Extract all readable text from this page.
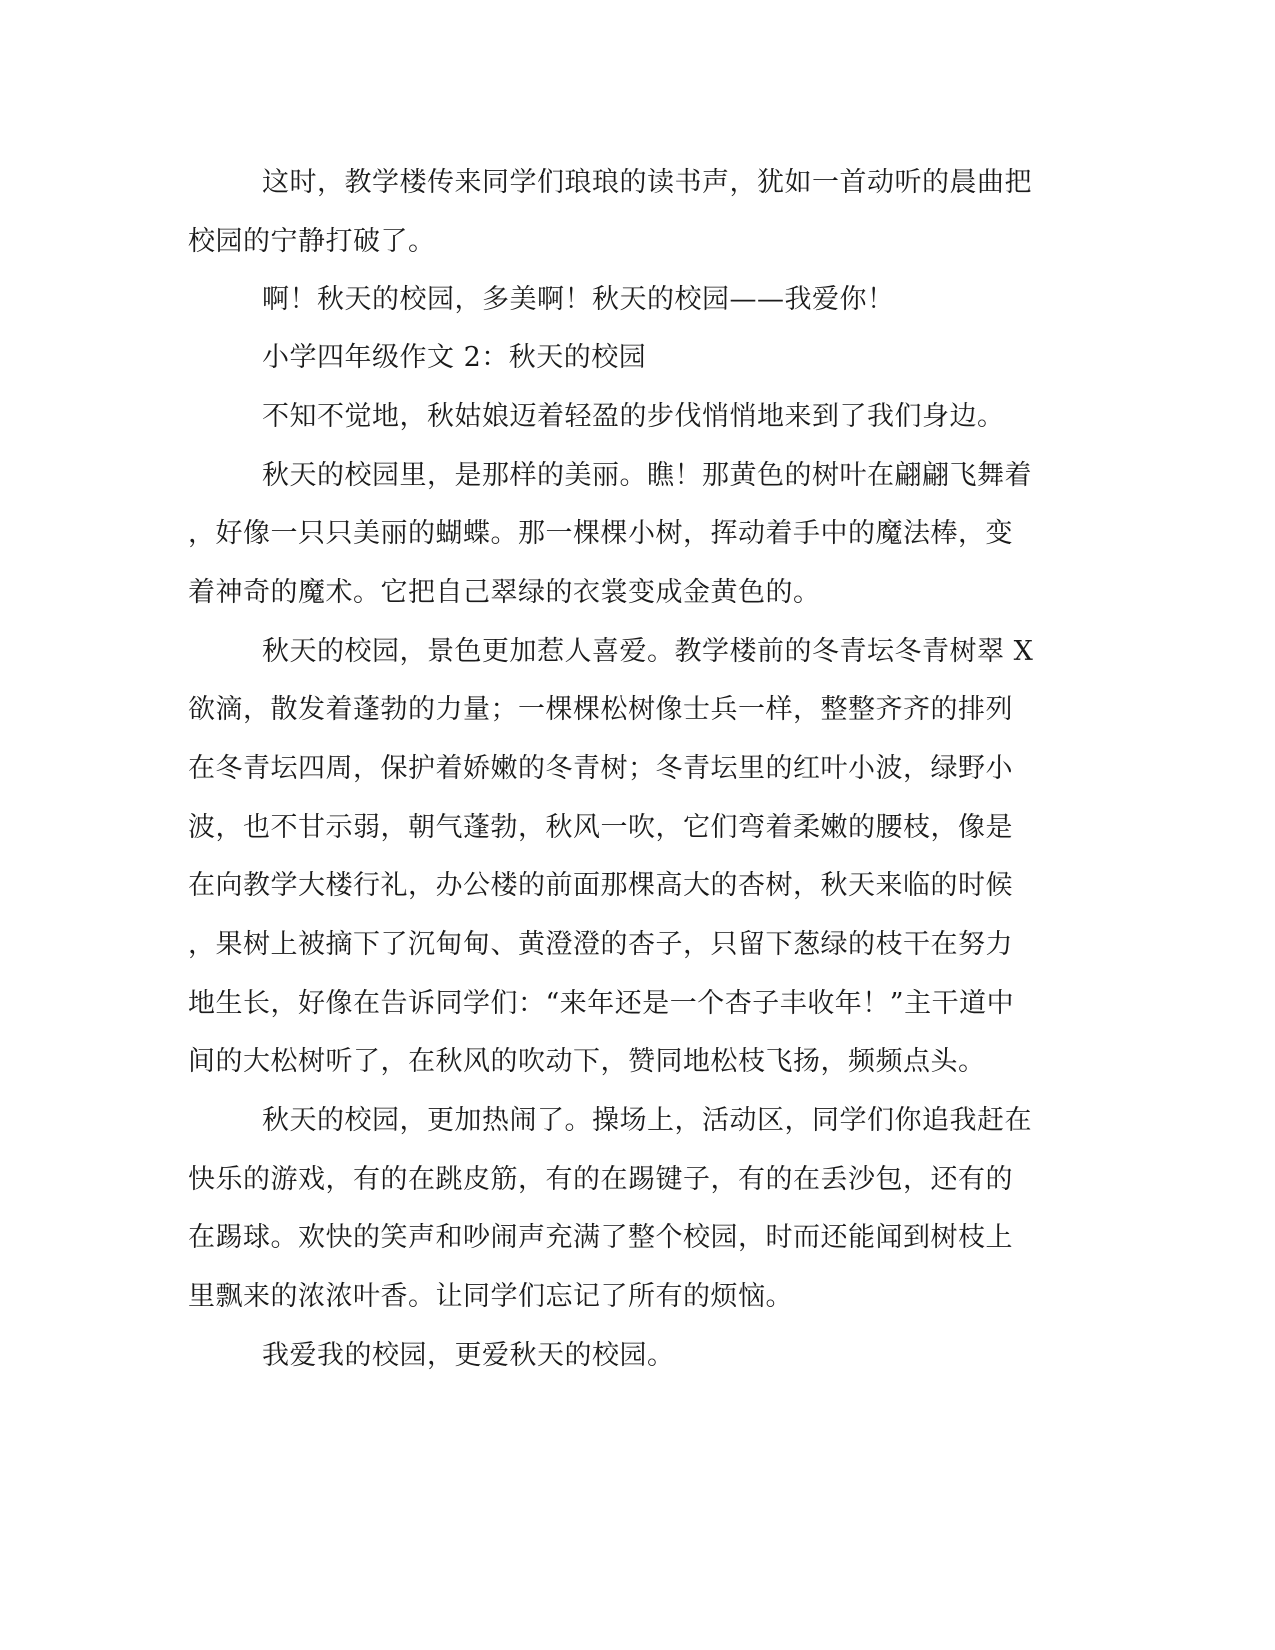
这时，教学楼传来同学们琅琅的读书声，犹如一首动听的晨曲把

校园的宁静打破了。

啊！秋天的校园，多美啊！秋天的校园——我爱你！

小学四年级作文 2：秋天的校园

不知不觉地，秋姑娘迈着轻盈的步伐悄悄地来到了我们身边。

秋天的校园里，是那样的美丽。瞧！那黄色的树叶在翩翩飞舞着

，好像一只只美丽的蝴蝶。那一棵棵小树，挥动着手中的魔法棒，变

着神奇的魔术。它把自己翠绿的衣裳变成金黄色的。

秋天的校园，景色更加惹人喜爱。教学楼前的冬青坛冬青树翠 X

欲滴，散发着蓬勃的力量；一棵棵松树像士兵一样，整整齐齐的排列

在冬青坛四周，保护着娇嫩的冬青树；冬青坛里的红叶小波，绿野小

波，也不甘示弱，朝气蓬勃，秋风一吹，它们弯着柔嫩的腰枝，像是

在向教学大楼行礼，办公楼的前面那棵高大的杏树，秋天来临的时候

，果树上被摘下了沉甸甸、黄澄澄的杏子，只留下葱绿的枝干在努力

地生长，好像在告诉同学们：“来年还是一个杏子丰收年！”主干道中

间的大松树听了，在秋风的吹动下，赞同地松枝飞扬，频频点头。

秋天的校园，更加热闹了。操场上，活动区，同学们你追我赶在

快乐的游戏，有的在跳皮筋，有的在踢键子，有的在丢沙包，还有的

在踢球。欢快的笑声和吵闹声充满了整个校园，时而还能闻到树枝上

里飘来的浓浓叶香。让同学们忘记了所有的烦恼。

我爱我的校园，更爱秋天的校园。
